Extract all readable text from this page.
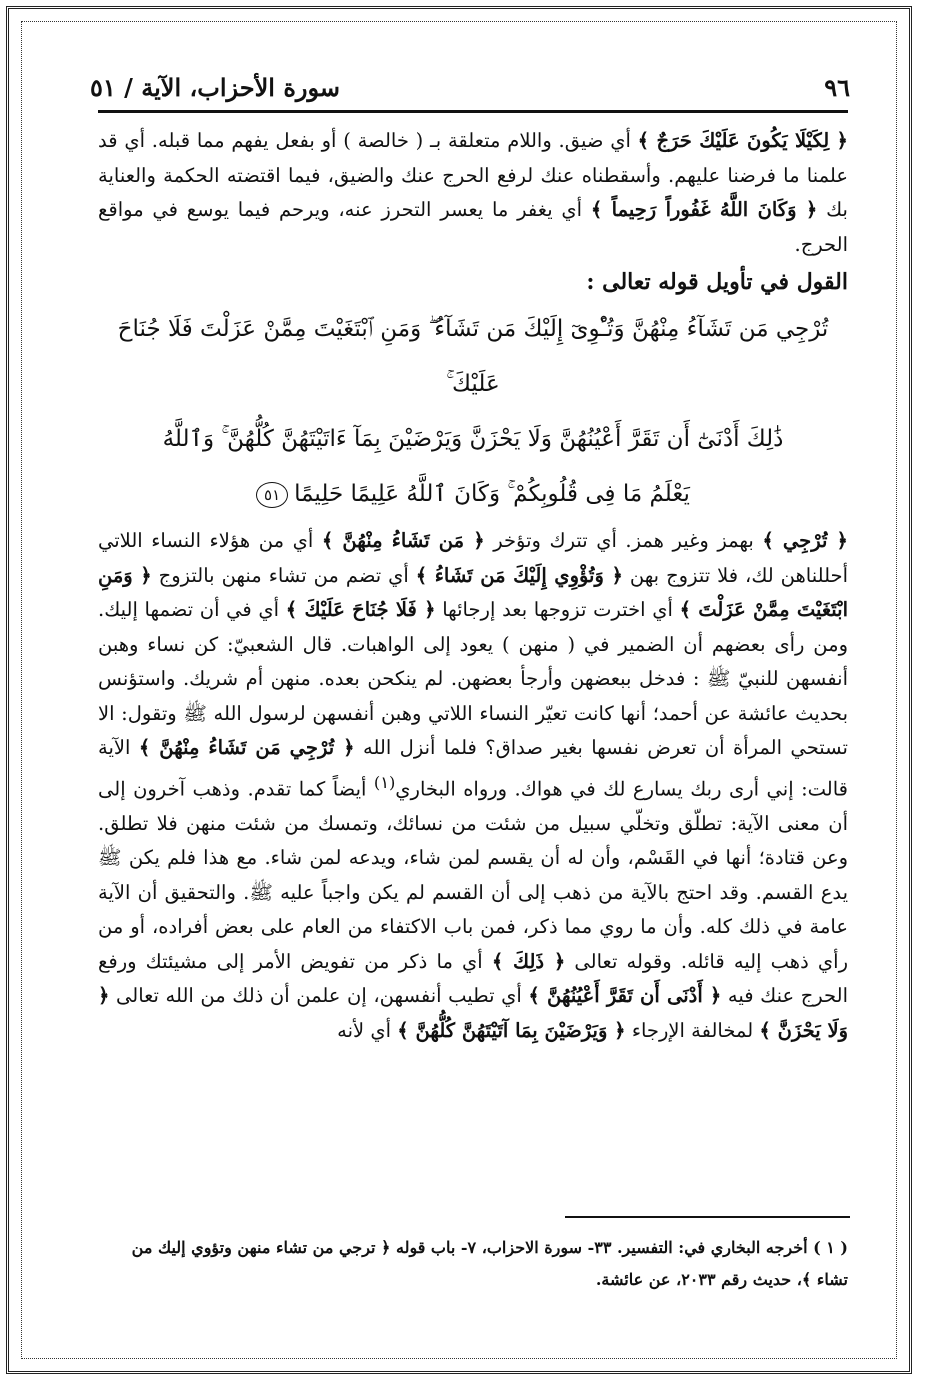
٩٦
سورة الأحزاب، الآية / ٥١

﴿ لِكَيْلَا يَكُونَ عَلَيْكَ حَرَجٌ ﴾ أي ضيق. واللام متعلقة بـ ( خالصة ) أو بفعل يفهم مما قبله. أي قد علمنا ما فرضنا عليهم. وأسقطناه عنك لرفع الحرج عنك والضيق، فيما اقتضته الحكمة والعناية بك ﴿ وَكَانَ اللَّهُ غَفُوراً رَحِيماً ﴾ أي يغفر ما يعسر التحرز عنه، ويرحم فيما يوسع في مواقع الحرج.

القول في تأويل قوله تعالى :

تُرْجِي مَن تَشَآءُ مِنْهُنَّ وَتُـْٔوِىٓ إِلَيْكَ مَن تَشَآءُ ۖ وَمَنِ ٱبْتَغَيْتَ مِمَّنْ عَزَلْتَ فَلَا جُنَاحَ عَلَيْكَ ۚ
ذَٰلِكَ أَدْنَىٰٓ أَن تَقَرَّ أَعْيُنُهُنَّ وَلَا يَحْزَنَّ وَيَرْضَيْنَ بِمَآ ءَاتَيْتَهُنَّ كُلُّهُنَّ ۚ وَٱللَّهُ
يَعْلَمُ مَا فِى قُلُوبِكُمْ ۚ وَكَانَ ٱللَّهُ عَلِيمًا حَلِيمًا٥١

﴿ تُرْجِي ﴾ بهمز وغير همز. أي تترك وتؤخر ﴿ مَن تَشَاءُ مِنْهُنَّ ﴾ أي من هؤلاء النساء اللاتي أحللناهن لك، فلا تتزوج بهن ﴿ وَتُؤْوِي إِلَيْكَ مَن تَشَاءُ ﴾ أي تضم من تشاء منهن بالتزوج ﴿ وَمَنِ ابْتَغَيْتَ مِمَّنْ عَزَلْتَ ﴾ أي اخترت تزوجها بعد إرجائها ﴿ فَلَا جُنَاحَ عَلَيْكَ ﴾ أي في أن تضمها إليك. ومن رأى بعضهم أن الضمير في ( منهن ) يعود إلى الواهبات. قال الشعبيّ: كن نساء وهبن أنفسهن للنبيّ ﷺ : فدخل ببعضهن وأرجأ بعضهن. لم ينكحن بعده. منهن أم شريك. واستؤنس بحديث عائشة عن أحمد؛ أنها كانت تعيّر النساء اللاتي وهبن أنفسهن لرسول الله ﷺ وتقول: الا تستحي المرأة أن تعرض نفسها بغير صداق؟ فلما أنزل الله ﴿ تُرْجِي مَن تَشَاءُ مِنْهُنَّ ﴾ الآية قالت: إني أرى ربك يسارع لك في هواك. ورواه البخاري$^{(١)}$ أيضاً كما تقدم. وذهب آخرون إلى أن معنى الآية: تطلّق وتخلّي سبيل من شئت من نسائك، وتمسك من شئت منهن فلا تطلق. وعن قتادة؛ أنها في القَسْم، وأن له أن يقسم لمن شاء، ويدعه لمن شاء. مع هذا فلم يكن ﷺ يدع القسم. وقد احتج بالآية من ذهب إلى أن القسم لم يكن واجباً عليه ﷺ. والتحقيق أن الآية عامة في ذلك كله. وأن ما روي مما ذكر، فمن باب الاكتفاء من العام على بعض أفراده، أو من رأي ذهب إليه قائله. وقوله تعالى ﴿ ذَلِكَ ﴾ أي ما ذكر من تفويض الأمر إلى مشيئتك ورفع الحرج عنك فيه ﴿ أَدْنَى أَن تَقَرَّ أَعْيُنُهُنَّ ﴾ أي تطيب أنفسهن، إن علمن أن ذلك من الله تعالى ﴿ وَلَا يَحْزَنَّ ﴾ لمخالفة الإرجاء ﴿ وَيَرْضَيْنَ بِمَا آتَيْتَهُنَّ كُلُّهُنَّ ﴾ أي لأنه

( ١ ) أخرجه البخاري في: التفسير. ٣٣- سورة الاحزاب، ٧- باب قوله ﴿ ترجي من تشاء منهن وتؤوي إليك من تشاء ﴾، حديث رقم ٢٠٣٣، عن عائشة.
